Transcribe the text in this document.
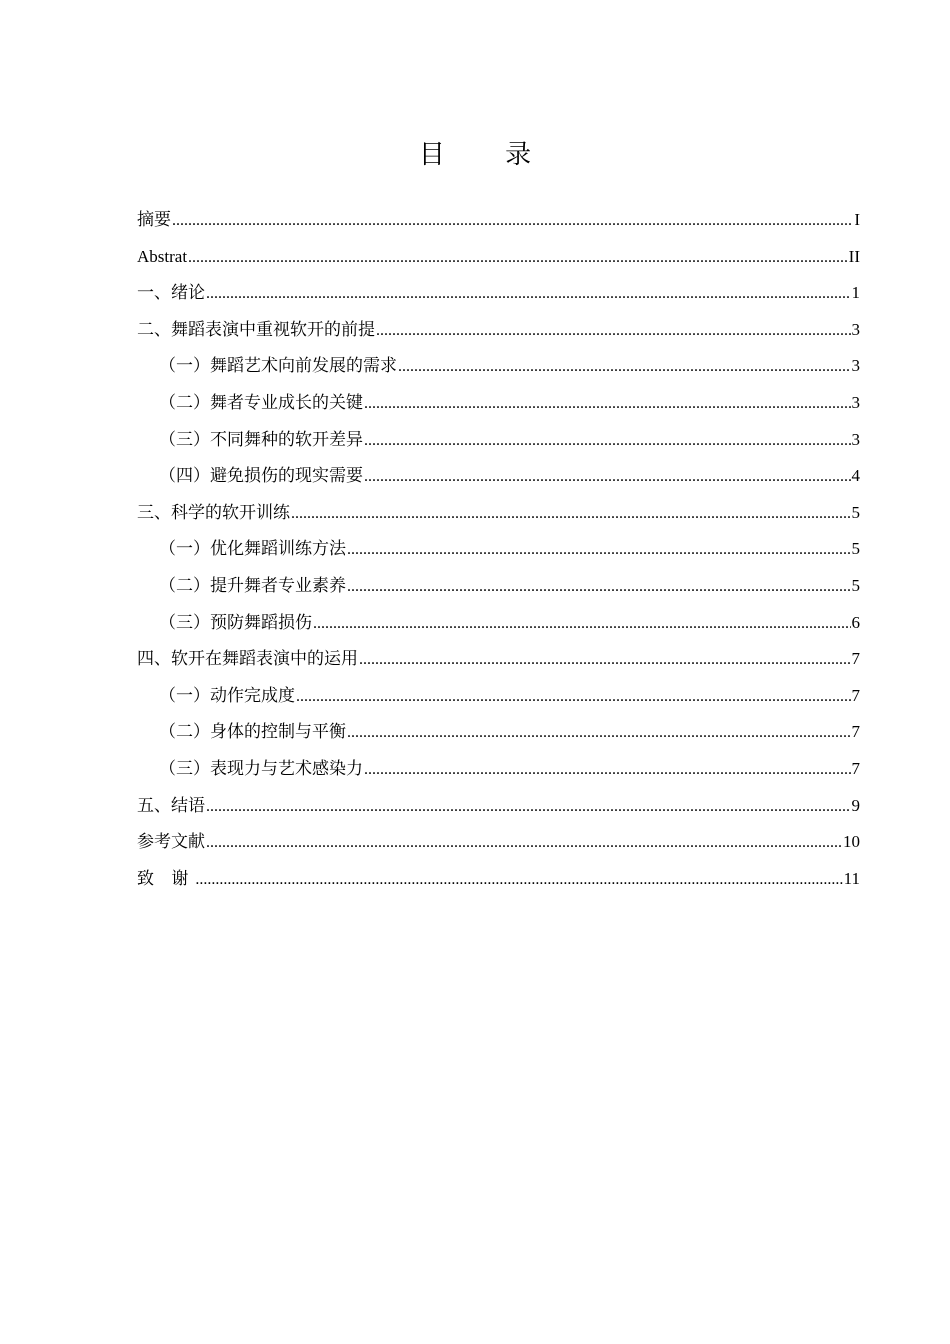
目 录
摘要 .....	I
Abstrat .....	II
一、绪论 .....	1
二、舞蹈表演中重视软开的前提 .....	3
（一）舞蹈艺术向前发展的需求 .....	3
（二）舞者专业成长的关键 .....	3
（三）不同舞种的软开差异 .....	3
（四）避免损伤的现实需要 .....	4
三、科学的软开训练 .....	5
（一）优化舞蹈训练方法 .....	5
（二）提升舞者专业素养 .....	5
（三）预防舞蹈损伤 .....	6
四、软开在舞蹈表演中的运用 .....	7
（一）动作完成度 .....	7
（二）身体的控制与平衡 .....	7
（三）表现力与艺术感染力 .....	7
五、结语 .....	9
参考文献 .....	10
致 谢 .....	11
